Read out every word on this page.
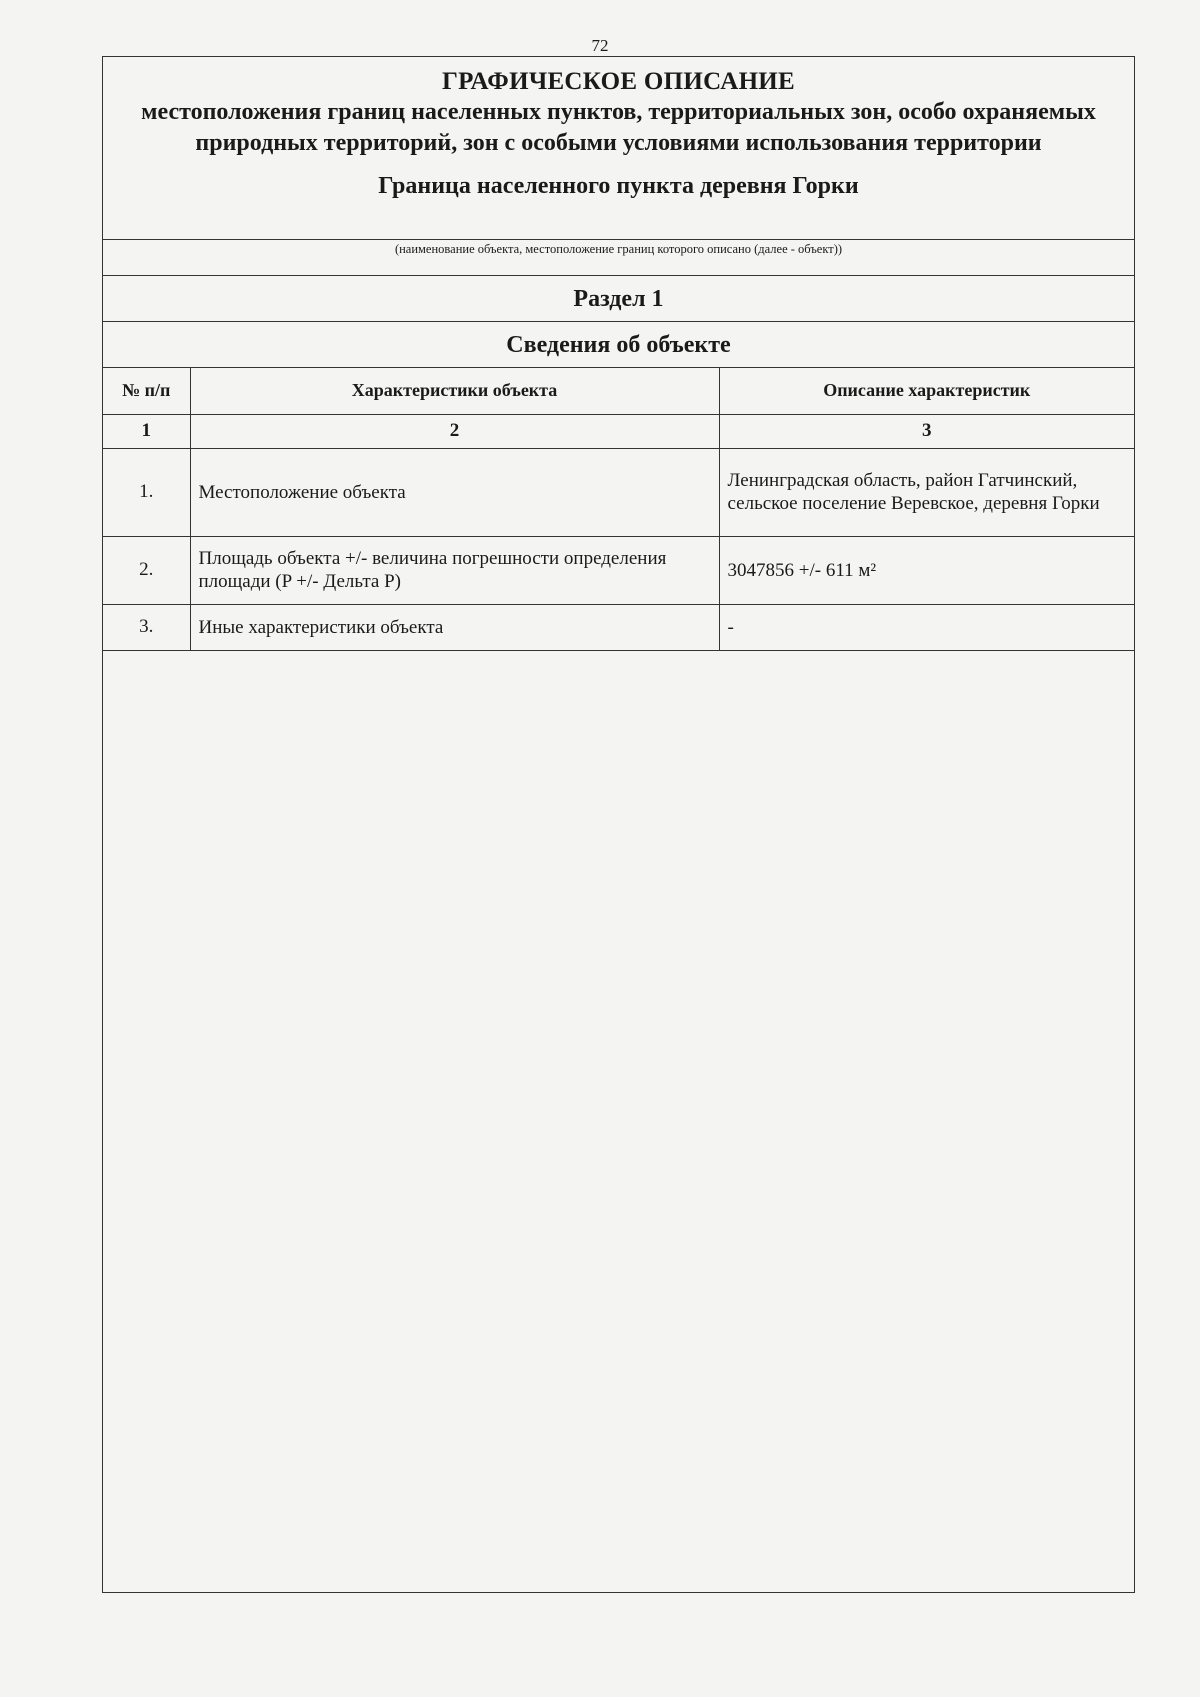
72
ГРАФИЧЕСКОЕ ОПИСАНИЕ
местоположения границ населенных пунктов, территориальных зон, особо охраняемых природных территорий, зон с особыми условиями использования территории
Граница населенного пункта деревня Горки
(наименование объекта, местоположение границ которого описано (далее - объект))
Раздел 1
Сведения об объекте
№ п/п	Характеристики объекта	Описание характеристик
1	2	3
1.	Местоположение объекта	Ленинградская область, район Гатчинский, сельское поселение Веревское, деревня Горки
2.	Площадь объекта +/- величина погрешности определения площади (P +/- Дельта P)	3047856 +/- 611 м²
3.	Иные характеристики объекта	-
